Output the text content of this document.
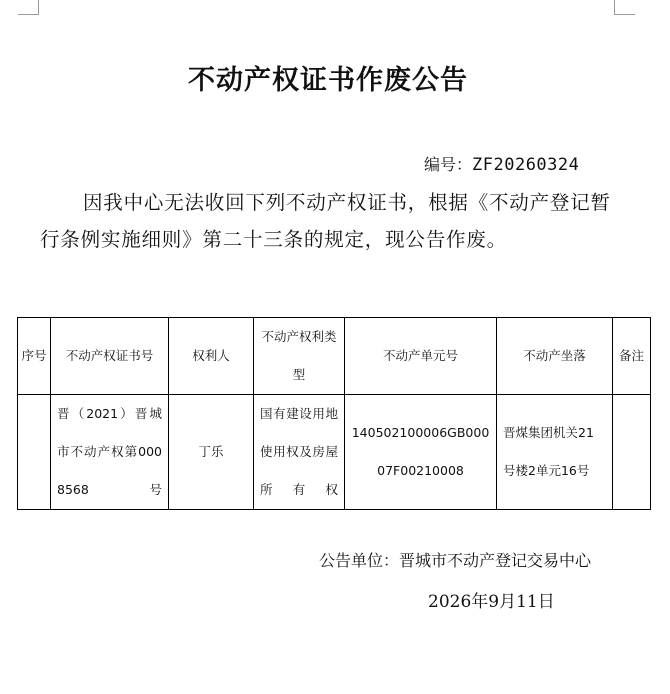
不动产权证书作废公告
编号：ZF20260324

因我中心无法收回下列不动产权证书，根据《不动产登记暂行条例实施细则》第二十三条的规定，现公告作废。

序号	不动产权证书号	权利人	不动产权利类型	不动产单元号	不动产坐落	备注
	晋（2021）晋城市不动产权第0008568号	丁乐	国有建设用地使用权及房屋所有权	140502100006GB00007F00210008	晋煤集团机关21号楼2单元16号	
公告单位：晋城市不动产登记交易中心
2026年9月11日
